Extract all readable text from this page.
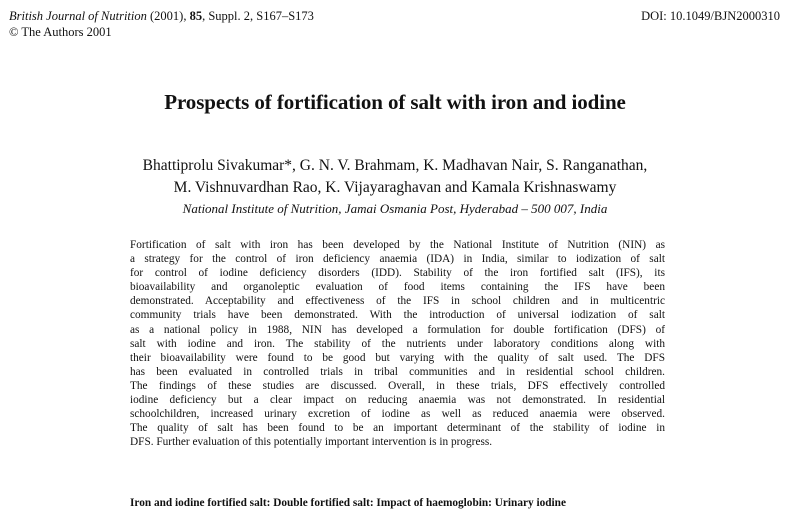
British Journal of Nutrition (2001), 85, Suppl. 2, S167–S173
© The Authors 2001
DOI: 10.1049/BJN2000310
Prospects of fortification of salt with iron and iodine
Bhattiprolu Sivakumar*, G. N. V. Brahmam, K. Madhavan Nair, S. Ranganathan,
M. Vishnuvardhan Rao, K. Vijayaraghavan and Kamala Krishnaswamy
National Institute of Nutrition, Jamai Osmania Post, Hyderabad – 500 007, India
Fortification of salt with iron has been developed by the National Institute of Nutrition (NIN) as
a strategy for the control of iron deficiency anaemia (IDA) in India, similar to iodization of salt
for control of iodine deficiency disorders (IDD). Stability of the iron fortified salt (IFS), its
bioavailability and organoleptic evaluation of food items containing the IFS have been
demonstrated. Acceptability and effectiveness of the IFS in school children and in multicentric
community trials have been demonstrated. With the introduction of universal iodization of salt
as a national policy in 1988, NIN has developed a formulation for double fortification (DFS) of
salt with iodine and iron. The stability of the nutrients under laboratory conditions along with
their bioavailability were found to be good but varying with the quality of salt used. The DFS
has been evaluated in controlled trials in tribal communities and in residential school children.
The findings of these studies are discussed. Overall, in these trials, DFS effectively controlled
iodine deficiency but a clear impact on reducing anaemia was not demonstrated. In residential
schoolchildren, increased urinary excretion of iodine as well as reduced anaemia were observed.
The quality of salt has been found to be an important determinant of the stability of iodine in
DFS. Further evaluation of this potentially important intervention is in progress.
Iron and iodine fortified salt: Double fortified salt: Impact of haemoglobin: Urinary iodine
